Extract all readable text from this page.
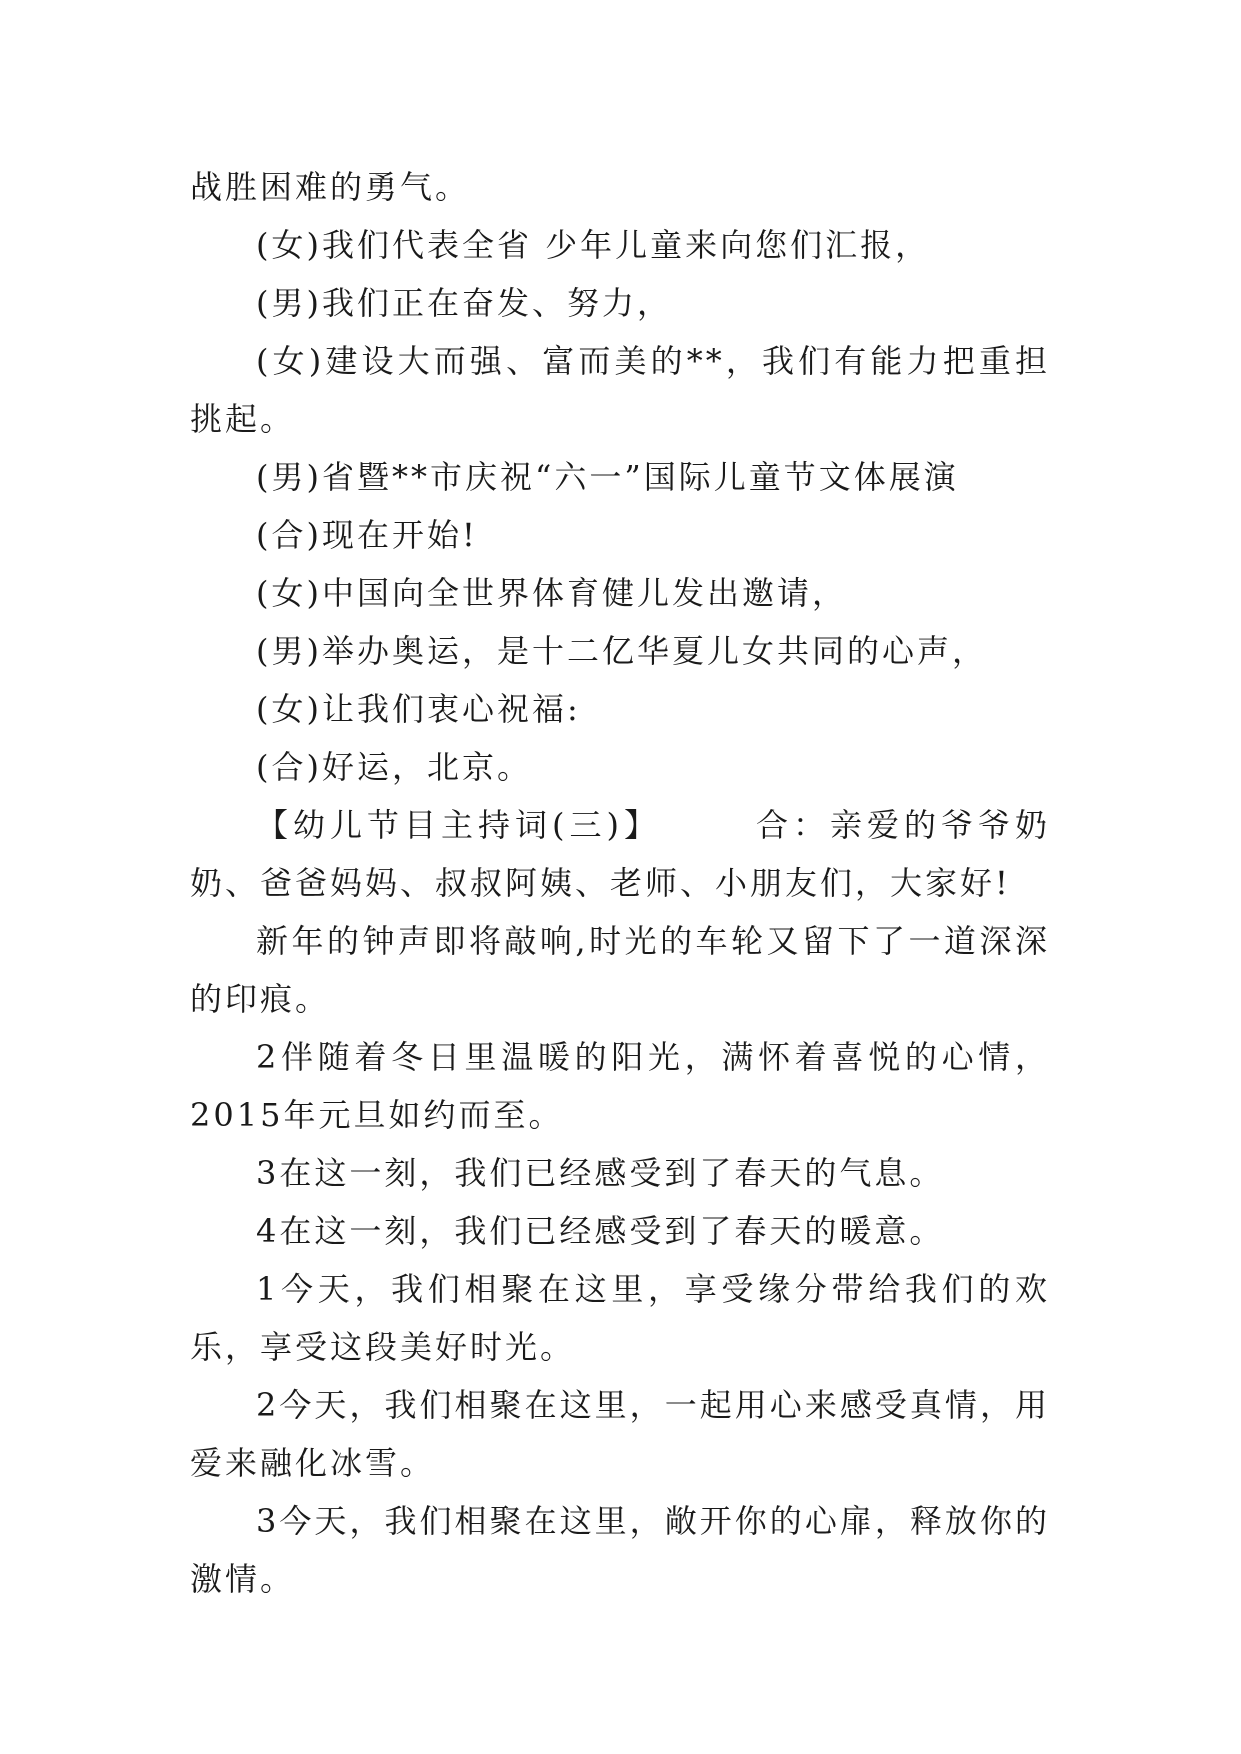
战胜困难的勇气。

(女)我们代表全省 少年儿童来向您们汇报，

(男)我们正在奋发、努力，

(女)建设大而强、富而美的**，我们有能力把重担挑起。

(男)省暨**市庆祝“六一”国际儿童节文体展演

(合)现在开始!

(女)中国向全世界体育健儿发出邀请，

(男)举办奥运，是十二亿华夏儿女共同的心声，

(女)让我们衷心祝福:

(合)好运，北京。

【幼儿节目主持词(三)】　　　合：亲爱的爷爷奶奶、爸爸妈妈、叔叔阿姨、老师、小朋友们，大家好!

新年的钟声即将敲响,时光的车轮又留下了一道深深的印痕。

2伴随着冬日里温暖的阳光，满怀着喜悦的心情，2015年元旦如约而至。

3在这一刻，我们已经感受到了春天的气息。

4在这一刻，我们已经感受到了春天的暖意。

1今天，我们相聚在这里，享受缘分带给我们的欢乐，享受这段美好时光。

2今天，我们相聚在这里，一起用心来感受真情，用爱来融化冰雪。

3今天，我们相聚在这里，敞开你的心扉，释放你的激情。
